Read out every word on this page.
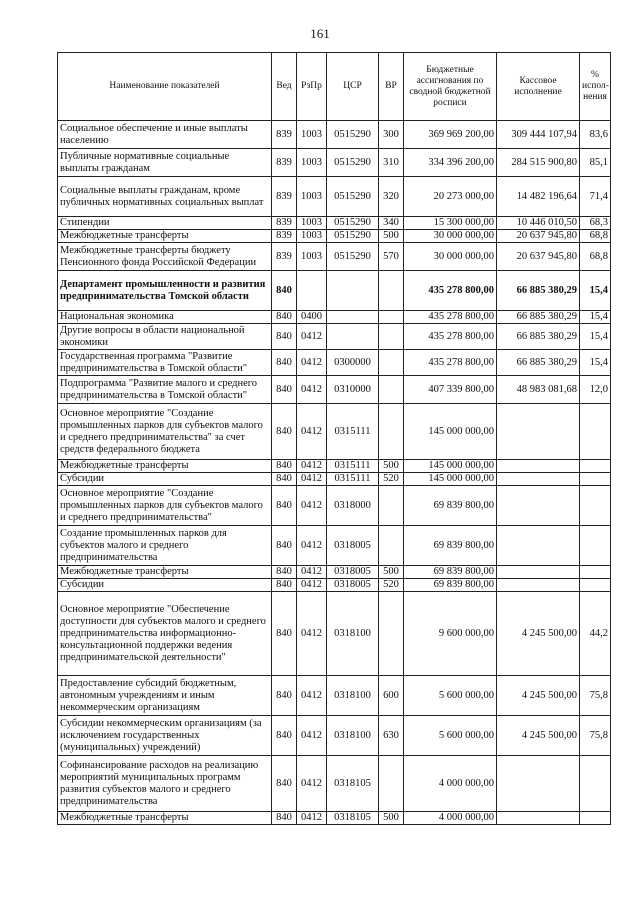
161
Наименование показателей	Вед	РзПр	ЦСР	ВР	Бюджетные ассигнования по сводной бюджетной росписи	Кассовое исполнение	% испол-нения
Социальное обеспечение и иные выплаты населению	839	1003	0515290	300	369 969 200,00	309 444 107,94	83,6
Публичные нормативные социальные выплаты гражданам	839	1003	0515290	310	334 396 200,00	284 515 900,80	85,1
Социальные выплаты гражданам, кроме публичных нормативных социальных выплат	839	1003	0515290	320	20 273 000,00	14 482 196,64	71,4
Стипендии	839	1003	0515290	340	15 300 000,00	10 446 010,50	68,3
Межбюджетные трансферты	839	1003	0515290	500	30 000 000,00	20 637 945,80	68,8
Межбюджетные трансферты бюджету Пенсионного фонда Российской Федерации	839	1003	0515290	570	30 000 000,00	20 637 945,80	68,8
Департамент промышленности и развития предпринимательства Томской области	840				435 278 800,00	66 885 380,29	15,4
Национальная экономика	840	0400			435 278 800,00	66 885 380,29	15,4
Другие вопросы в области национальной экономики	840	0412			435 278 800,00	66 885 380,29	15,4
Государственная программа "Развитие предпринимательства в Томской области"	840	0412	0300000		435 278 800,00	66 885 380,29	15,4
Подпрограмма "Развитие малого и среднего предпринимательства в Томской области"	840	0412	0310000		407 339 800,00	48 983 081,68	12,0
Основное мероприятие "Создание промышленных парков для субъектов малого и среднего предпринимательства" за счет средств федерального бюджета	840	0412	0315111		145 000 000,00		
Межбюджетные трансферты	840	0412	0315111	500	145 000 000,00		
Субсидии	840	0412	0315111	520	145 000 000,00		
Основное мероприятие "Создание промышленных парков для субъектов малого и среднего предпринимательства"	840	0412	0318000		69 839 800,00		
Создание промышленных парков для субъектов малого и среднего предпринимательства	840	0412	0318005		69 839 800,00		
Межбюджетные трансферты	840	0412	0318005	500	69 839 800,00		
Субсидии	840	0412	0318005	520	69 839 800,00		
Основное мероприятие "Обеспечение доступности для субъектов малого и среднего предпринимательства информационно-консультационной поддержки ведения предпринимательской деятельности"	840	0412	0318100		9 600 000,00	4 245 500,00	44,2
Предоставление субсидий бюджетным, автономным учреждениям и иным некоммерческим организациям	840	0412	0318100	600	5 600 000,00	4 245 500,00	75,8
Субсидии некоммерческим организациям (за исключением государственных (муниципальных) учреждений)	840	0412	0318100	630	5 600 000,00	4 245 500,00	75,8
Софинансирование расходов на реализацию мероприятий муниципальных программ развития субъектов малого и среднего предпринимательства	840	0412	0318105		4 000 000,00		
Межбюджетные трансферты	840	0412	0318105	500	4 000 000,00		
